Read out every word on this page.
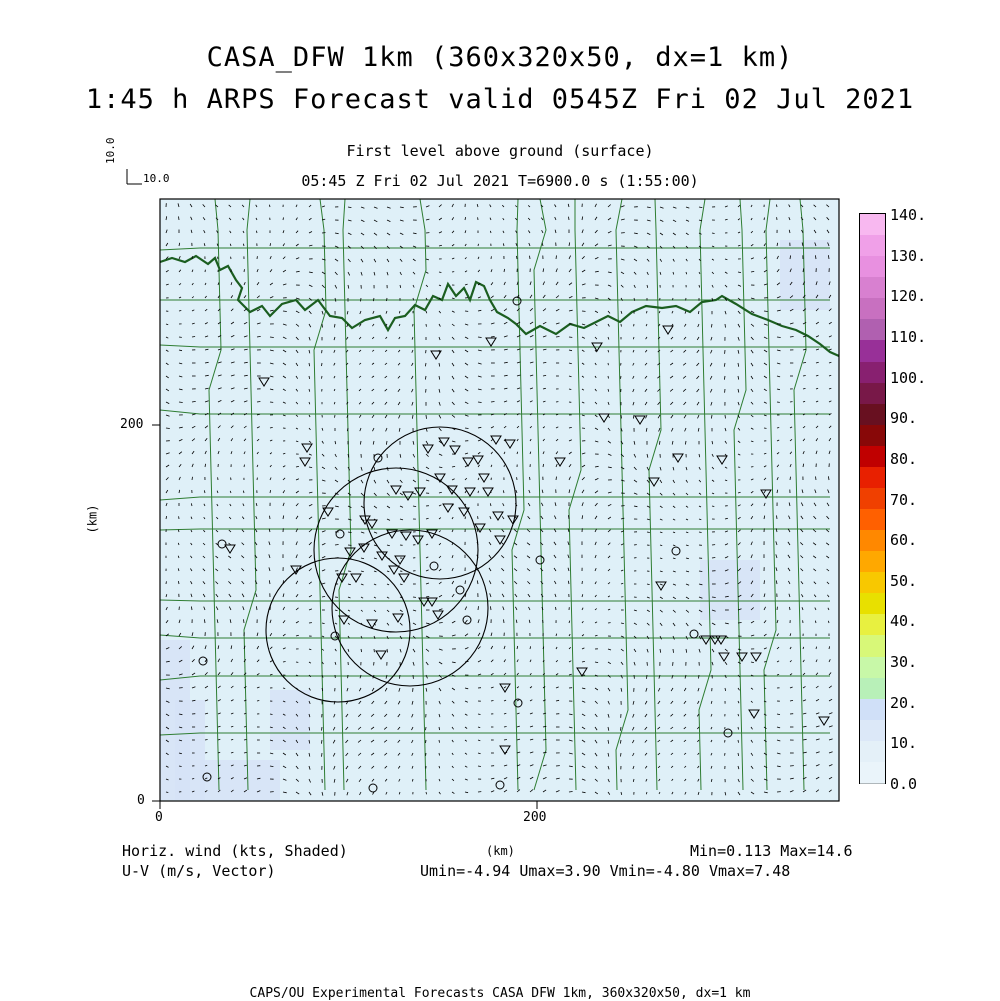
CASA_DFW 1km (360x320x50, dx=1 km)
1:45 h ARPS Forecast valid 0545Z Fri 02 Jul 2021
First level above ground (surface)
05:45 Z Fri 02 Jul 2021 T=6900.0 s (1:55:00)
10.0
10.0
0	200
0
200
(km)
(km)
140.
130.
120.
110.
100.
90.
80.
70.
60.
50.
40.
30.
20.
10.
0.0
Horiz. wind (kts, Shaded)
U-V (m/s, Vector)
Min=0.113 Max=14.6
Umin=-4.94 Umax=3.90 Vmin=-4.80 Vmax=7.48
CAPS/OU Experimental Forecasts CASA DFW 1km, 360x320x50, dx=1 km
